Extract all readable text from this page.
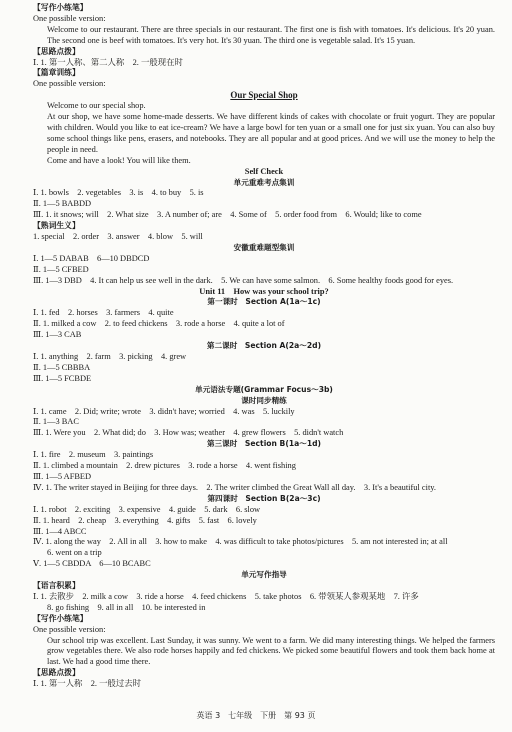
【写作小练笔】
One possible version:
Welcome to our restaurant. There are three specials in our restaurant. The first one is fish with tomatoes. It's delicious. It's 20 yuan. The second one is beef with tomatoes. It's very hot. It's 30 yuan. The third one is vegetable salad. It's 15 yuan.
【思路点拨】
Ⅰ. 1. 第一人称、第二人称　2. 一般现在时
【篇章训练】
One possible version:
Our Special Shop
Welcome to our special shop.
At our shop, we have some home-made desserts. We have different kinds of cakes with chocolate or fruit yogurt. They are popular with children. Would you like to eat ice-cream? We have a large bowl for ten yuan or a small one for just six yuan. You can also buy some school things like pens, erasers, and notebooks. They are all popular and at good prices. And we will use the money to help the people in need.
Come and have a look! You will like them.
Self Check
单元重难考点集训
Ⅰ. 1. bowls　2. vegetables　3. is　4. to buy　5. is
Ⅱ. 1—5 BABDD
Ⅲ. 1. it snows; will　2. What size　3. A number of; are　4. Some of　5. order food from　6. Would; like to come
【熟词生义】
1. special　2. order　3. answer　4. blow　5. will
安徽重难题型集训
Ⅰ. 1—5 DABAB　6—10 DBDCD
Ⅱ. 1—5 CFBED
Ⅲ. 1—3 DBD　4. It can help us see well in the dark.　5. We can have some salmon.　6. Some healthy foods good for eyes.
Unit 11　How was your school trip?
第一课时　Section A(1a～1c)
Ⅰ. 1. fed　2. horses　3. farmers　4. quite
Ⅱ. 1. milked a cow　2. to feed chickens　3. rode a horse　4. quite a lot of
Ⅲ. 1—3 CAB
第二课时　Section A(2a～2d)
Ⅰ. 1. anything　2. farm　3. picking　4. grew
Ⅱ. 1—5 CBBBA
Ⅲ. 1—5 FCBDE
单元语法专题(Grammar Focus～3b)
课时同步精练
Ⅰ. 1. came　2. Did; write; wrote　3. didn't have; worried　4. was　5. luckily
Ⅱ. 1—3 BAC
Ⅲ. 1. Were you　2. What did; do　3. How was; weather　4. grew flowers　5. didn't watch
第三课时　Section B(1a～1d)
Ⅰ. 1. fire　2. museum　3. paintings
Ⅱ. 1. climbed a mountain　2. drew pictures　3. rode a horse　4. went fishing
Ⅲ. 1—5 AFBED
Ⅳ. 1. The writer stayed in Beijing for three days.　2. The writer climbed the Great Wall all day.　3. It's a beautiful city.
第四课时　Section B(2a～3c)
Ⅰ. 1. robot　2. exciting　3. expensive　4. guide　5. dark　6. slow
Ⅱ. 1. heard　2. cheap　3. everything　4. gifts　5. fast　6. lovely
Ⅲ. 1—4 ABCC
Ⅳ. 1. along the way　2. All in all　3. how to make　4. was difficult to take photos/pictures　5. am not interested in; at all
6. went on a trip
Ⅴ. 1—5 CBDDA　6—10 BCABC
单元写作指导
【语言积累】
Ⅰ. 1. 去散步　2. milk a cow　3. ride a horse　4. feed chickens　5. take photos　6. 带领某人参观某地　7. 许多
8. go fishing　9. all in all　10. be interested in
【写作小练笔】
One possible version:
Our school trip was excellent. Last Sunday, it was sunny. We went to a farm. We did many interesting things. We helped the farmers grow vegetables there. We also rode horses happily and fed chickens. We picked some beautiful flowers and took them back home at last. We had a good time there.
【思路点拨】
Ⅰ. 1. 第一人称　2. 一般过去时
英语 3　七年级　下册　第 93 页
